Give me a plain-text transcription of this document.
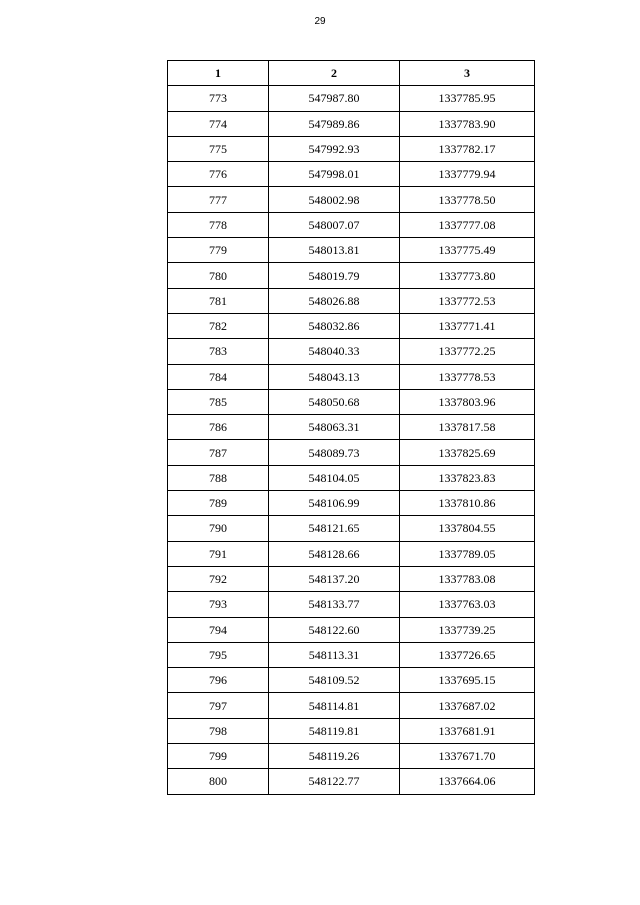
29
1	2	3
773	547987.80	1337785.95
774	547989.86	1337783.90
775	547992.93	1337782.17
776	547998.01	1337779.94
777	548002.98	1337778.50
778	548007.07	1337777.08
779	548013.81	1337775.49
780	548019.79	1337773.80
781	548026.88	1337772.53
782	548032.86	1337771.41
783	548040.33	1337772.25
784	548043.13	1337778.53
785	548050.68	1337803.96
786	548063.31	1337817.58
787	548089.73	1337825.69
788	548104.05	1337823.83
789	548106.99	1337810.86
790	548121.65	1337804.55
791	548128.66	1337789.05
792	548137.20	1337783.08
793	548133.77	1337763.03
794	548122.60	1337739.25
795	548113.31	1337726.65
796	548109.52	1337695.15
797	548114.81	1337687.02
798	548119.81	1337681.91
799	548119.26	1337671.70
800	548122.77	1337664.06
